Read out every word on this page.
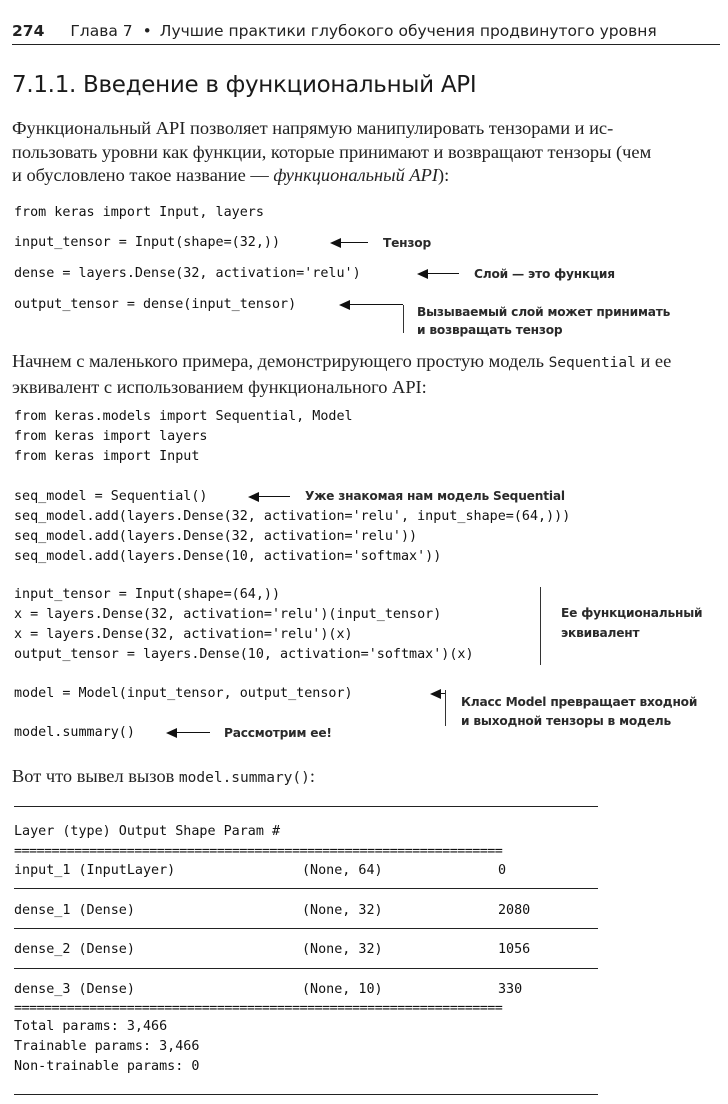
274 Глава 7 • Лучшие практики глубокого обучения продвинутого уровня
7.1.1. Введение в функциональный API
Функциональный API позволяет напрямую манипулировать тензорами и ис-
пользовать уровни как функции, которые принимают и возвращают тензоры (чем
и обусловлено такое название — функциональный API):
from keras import Input, layers
input_tensor = Input(shape=(32,))	Тензор
dense = layers.Dense(32, activation='relu')	Слой — это функция
output_tensor = dense(input_tensor)	Вызываемый слой может принимать
и возвращать тензор
Начнем с маленького примера, демонстрирующего простую модель Sequential и ее
эквивалент с использованием функционального API:
from keras.models import Sequential, Model
from keras import layers
from keras import Input
seq_model = Sequential()	Уже знакомая нам модель Sequential
seq_model.add(layers.Dense(32, activation='relu', input_shape=(64,)))
seq_model.add(layers.Dense(32, activation='relu'))
seq_model.add(layers.Dense(10, activation='softmax'))
input_tensor = Input(shape=(64,))
x = layers.Dense(32, activation='relu')(input_tensor)
x = layers.Dense(32, activation='relu')(x)
output_tensor = layers.Dense(10, activation='softmax')(x)
Ее функциональный
эквивалент
model = Model(input_tensor, output_tensor)
Класс Model превращает входной
и выходной тензоры в модель
model.summary()	Рассмотрим ее!
Вот что вывел вызов model.summary():
Layer (type) Output Shape Param #
=================================================================
input_1 (InputLayer)	(None, 64)	0
dense_1 (Dense)	(None, 32)	2080
dense_2 (Dense)	(None, 32)	1056
dense_3 (Dense)	(None, 10)	330
=================================================================
Total params: 3,466
Trainable params: 3,466
Non-trainable params: 0
